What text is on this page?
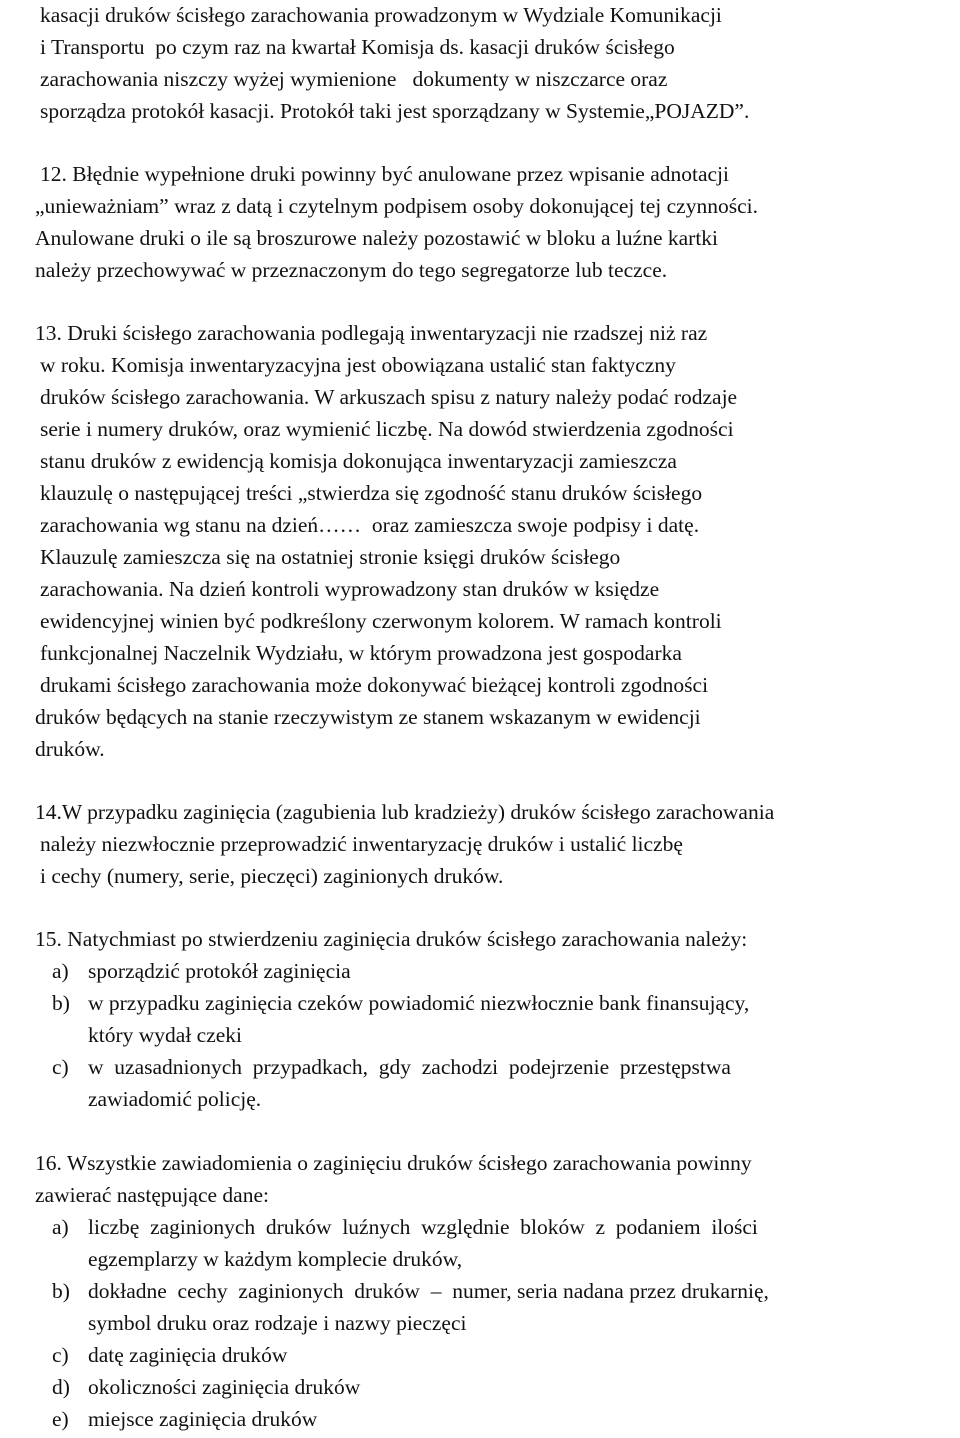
kasacji druków ścisłego zarachowania prowadzonym w Wydziale Komunikacji
i Transportu  po czym raz na kwartał Komisja ds. kasacji druków ścisłego
zarachowania niszczy wyżej wymienione   dokumenty w niszczarce oraz
sporządza protokół kasacji. Protokół taki jest sporządzany w Systemie„POJAZD”.
12. Błędnie wypełnione druki powinny być anulowane przez wpisanie adnotacji
„unieważniam” wraz z datą i czytelnym podpisem osoby dokonującej tej czynności.
Anulowane druki o ile są broszurowe należy pozostawić w bloku a luźne kartki
należy przechowywać w przeznaczonym do tego segregatorze lub teczce.
13. Druki ścisłego zarachowania podlegają inwentaryzacji nie rzadszej niż raz
w roku. Komisja inwentaryzacyjna jest obowiązana ustalić stan faktyczny
druków ścisłego zarachowania. W arkuszach spisu z natury należy podać rodzaje
serie i numery druków, oraz wymienić liczbę. Na dowód stwierdzenia zgodności
stanu druków z ewidencją komisja dokonująca inwentaryzacji zamieszcza
klauzulę o następującej treści „stwierdza się zgodność stanu druków ścisłego
zarachowania wg stanu na dzień……  oraz zamieszcza swoje podpisy i datę.
Klauzulę zamieszcza się na ostatniej stronie księgi druków ścisłego
zarachowania. Na dzień kontroli wyprowadzony stan druków w księdze
ewidencyjnej winien być podkreślony czerwonym kolorem. W ramach kontroli
funkcjonalnej Naczelnik Wydziału, w którym prowadzona jest gospodarka
drukami ścisłego zarachowania może dokonywać bieżącej kontroli zgodności
druków będących na stanie rzeczywistym ze stanem wskazanym w ewidencji
druków.
14.W przypadku zaginięcia (zagubienia lub kradzieży) druków ścisłego zarachowania
należy niezwłocznie przeprowadzić inwentaryzację druków i ustalić liczbę
i cechy (numery, serie, pieczęci) zaginionych druków.
15. Natychmiast po stwierdzeniu zaginięcia druków ścisłego zarachowania należy:
a) sporządzić protokół zaginięcia
b) w przypadku zaginięcia czeków powiadomić niezwłocznie bank finansujący,
który wydał czeki
c) w  uzasadnionych  przypadkach,  gdy  zachodzi  podejrzenie  przestępstwa
zawiadomić policję.
16. Wszystkie zawiadomienia o zaginięciu druków ścisłego zarachowania powinny
zawierać następujące dane:
a) liczbę  zaginionych  druków  luźnych  względnie  bloków  z  podaniem  ilości
egzemplarzy w każdym komplecie druków,
b) dokładne  cechy  zaginionych  druków  –  numer, seria nadana przez drukarnię,
symbol druku oraz rodzaje i nazwy pieczęci
c) datę zaginięcia druków
d) okoliczności zaginięcia druków
e) miejsce zaginięcia druków
